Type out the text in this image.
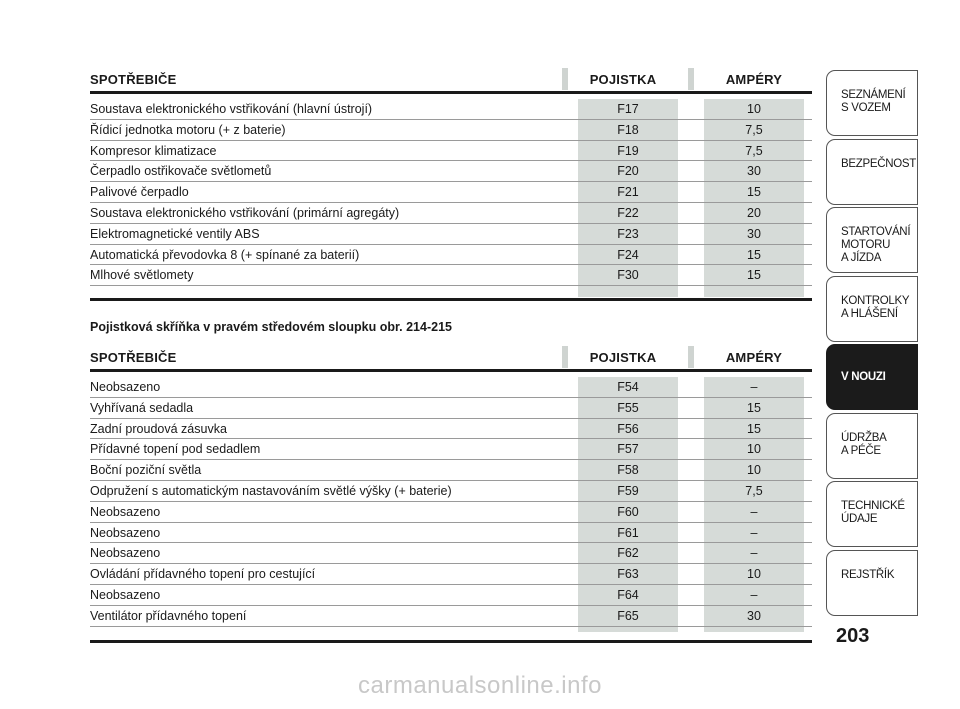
SPOTŘEBIČE	POJISTKA	AMPÉRY
Soustava elektronického vstřikování (hlavní ústrojí)	F17	10
Řídicí jednotka motoru (+ z baterie)	F18	7,5
Kompresor klimatizace	F19	7,5
Čerpadlo ostřikovače světlometů	F20	30
Palivové čerpadlo	F21	15
Soustava elektronického vstřikování (primární agregáty)	F22	20
Elektromagnetické ventily ABS	F23	30
Automatická převodovka 8 (+ spínané za baterií)	F24	15
Mlhové světlomety	F30	15
Pojistková skříňka v pravém středovém sloupku obr. 214-215
SPOTŘEBIČE	POJISTKA	AMPÉRY
Neobsazeno	F54	–
Vyhřívaná sedadla	F55	15
Zadní proudová zásuvka	F56	15
Přídavné topení pod sedadlem	F57	10
Boční poziční světla	F58	10
Odpružení s automatickým nastavováním světlé výšky (+ baterie)	F59	7,5
Neobsazeno	F60	–
Neobsazeno	F61	–
Neobsazeno	F62	–
Ovládání přídavného topení pro cestující	F63	10
Neobsazeno	F64	–
Ventilátor přídavného topení	F65	30
SEZNÁMENÍ
S VOZEM
BEZPEČNOST
STARTOVÁNÍ
MOTORU
A JÍZDA
KONTROLKY
A HLÁŠENÍ
V NOUZI
ÚDRŽBA
A PÉČE
TECHNICKÉ
ÚDAJE
REJSTŘÍK
203
carmanualsonline.info
